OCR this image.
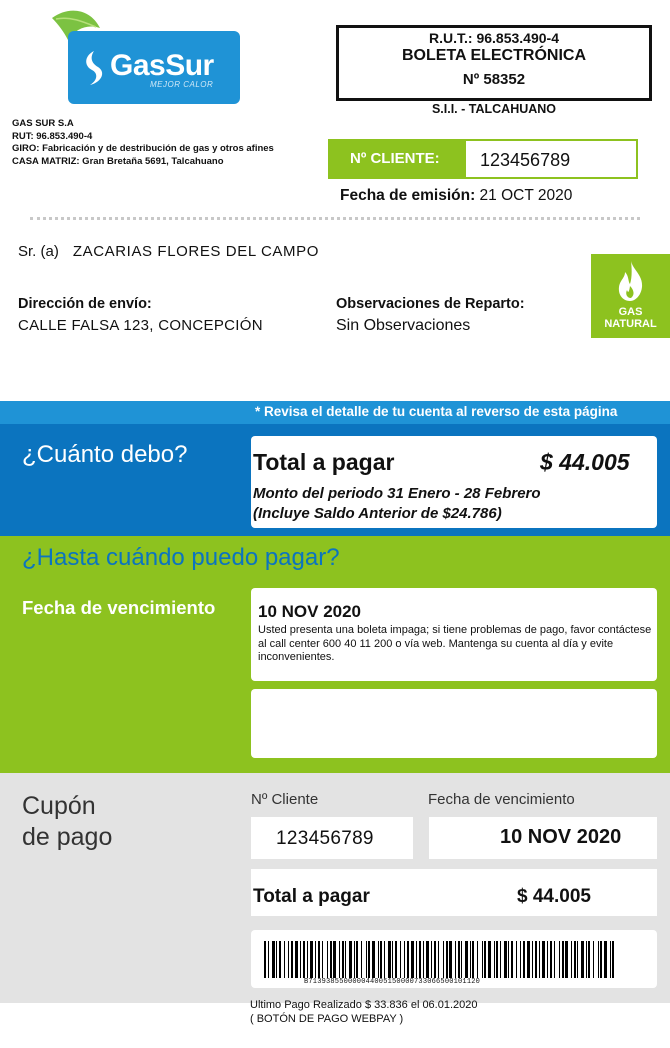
GasSur
MEJOR CALOR
GAS SUR S.A
RUT: 96.853.490-4
GIRO: Fabricación y de destribución de gas y otros afines
CASA MATRIZ: Gran Bretaña 5691, Talcahuano
R.U.T.: 96.853.490-4
BOLETA ELECTRÓNICA
Nº 58352
S.I.I. - TALCAHUANO
Nº CLIENTE: 123456789
Fecha de emisión: 21 OCT 2020
Sr. (a) ZACARIAS FLORES DEL CAMPO
Dirección de envío:
CALLE FALSA 123, CONCEPCIÓN
Observaciones de Reparto:
Sin Observaciones
GAS
NATURAL
* Revisa el detalle de tu cuenta al reverso de esta página
¿Cuánto debo?	Total a pagar	$ 44.005
Monto del periodo 31 Enero - 28 Febrero
(Incluye Saldo Anterior de $24.786)
¿Hasta cuándo puedo pagar?
Fecha de vencimiento	10 NOV 2020
Usted presenta una boleta impaga; si tiene problemas de pago, favor contáctese al call center 600 40 11 200 o vía web. Mantenga su cuenta al día y evite inconvenientes.
Cupón
de pago
Nº Cliente	Fecha de vencimiento
123456789	10 NOV 2020
Total a pagar	$ 44.005
B71393855000004400515000073306650010112​0
Ultimo Pago Realizado $ 33.836 el 06.01.2020
( BOTÓN DE PAGO WEBPAY )
